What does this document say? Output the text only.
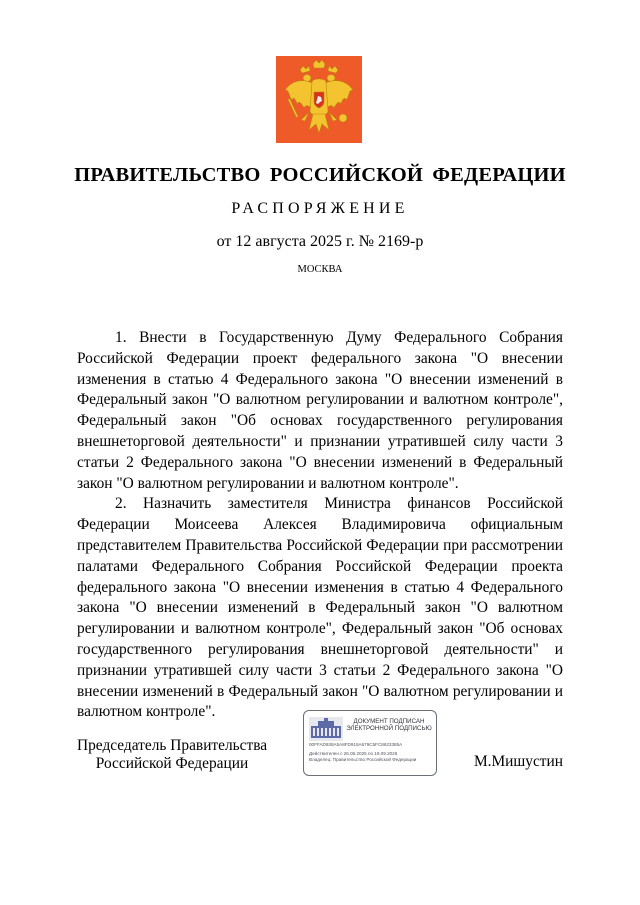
ПРАВИТЕЛЬСТВО РОССИЙСКОЙ ФЕДЕРАЦИИ
РАСПОРЯЖЕНИЕ
от 12 августа 2025 г. № 2169-р
МОСКВА

1. Внести в Государственную Думу Федерального Собрания Российской Федерации проект федерального закона "О внесении изменения в статью 4 Федерального закона "О внесении изменений в Федеральный закон "О валютном регулировании и валютном контроле", Федеральный закон "Об основах государственного регулирования внешнеторговой деятельности" и признании утратившей силу части 3 статьи 2 Федерального закона "О внесении изменений в Федеральный закон "О валютном регулировании и валютном контроле".

2. Назначить заместителя Министра финансов Российской Федерации Моисеева Алексея Владимировича официальным представителем Правительства Российской Федерации при рассмотрении палатами Федерального Собрания Российской Федерации проекта федерального закона "О внесении изменения в статью 4 Федерального закона "О внесении изменений в Федеральный закон "О валютном регулировании и валютном контроле", Федеральный закон "Об основах государственного регулирования внешнеторговой деятельности" и признании утратившей силу части 3 статьи 2 Федерального закона "О внесении изменений в Федеральный закон "О валютном регулировании и валютном контроле".

Председатель Правительства
Российской Федерации
ДОКУМЕНТ ПОДПИСАН
ЭЛЕКТРОННОЙ ПОДПИСЬЮ
00FFAD938A5A8FD915A679C5FC8623385A
Действителен с 26.06.2025 по 19.09.2026
Владелец: Правительство Российской Федерации	М.Мишустин
